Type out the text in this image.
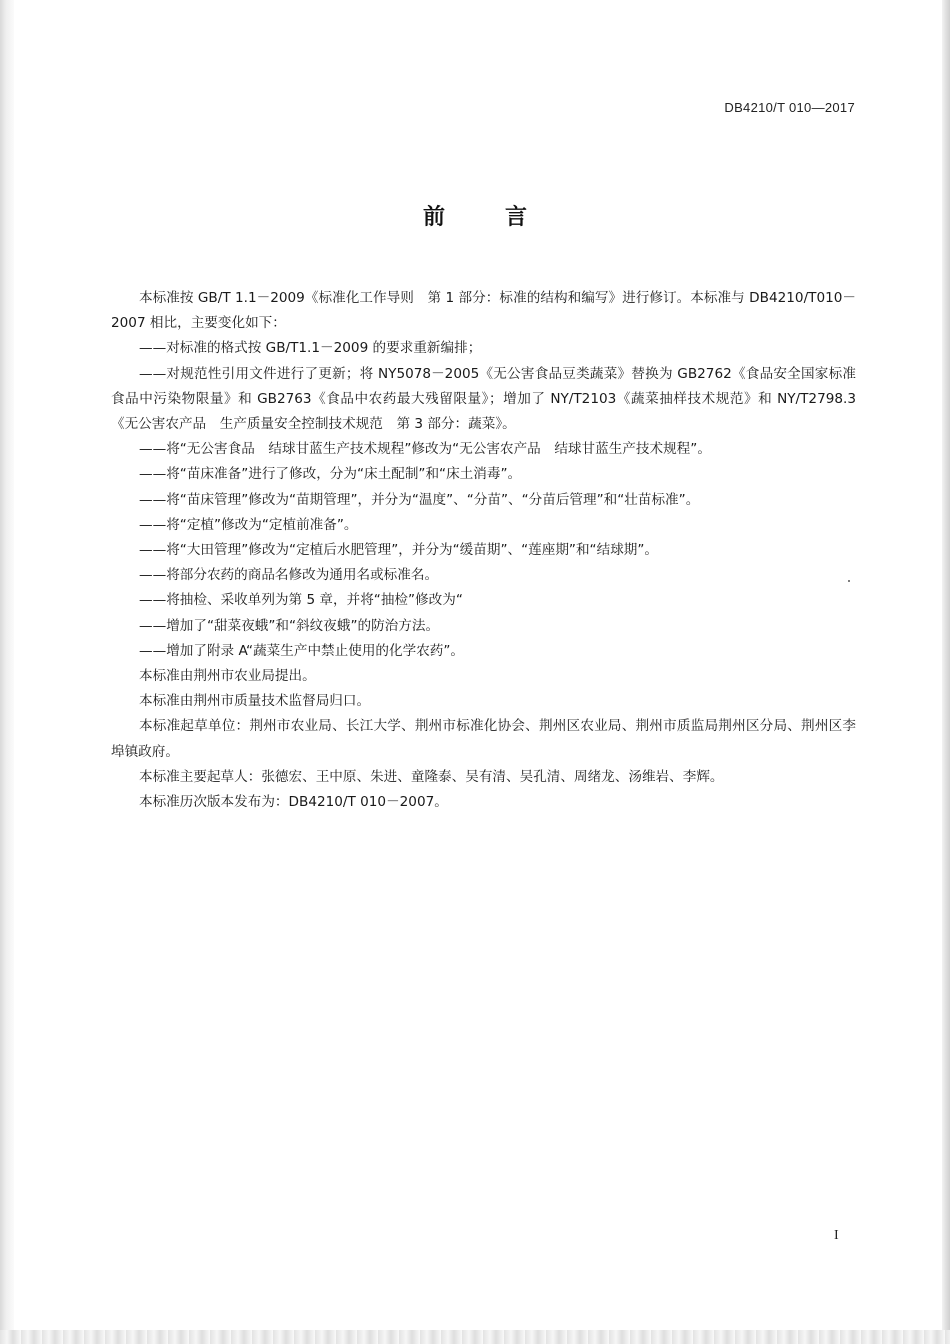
DB4210/T 010—2017
前言

本标准按 GB/T 1.1－2009《标准化工作导则　第 1 部分：标准的结构和编写》进行修订。本标准与 DB4210/T010－2007 相比，主要变化如下：

——对标准的格式按 GB/T1.1－2009 的要求重新编排；

——对规范性引用文件进行了更新；将 NY5078－2005《无公害食品豆类蔬菜》替换为 GB2762《食品安全国家标准　食品中污染物限量》和 GB2763《食品中农药最大残留限量》；增加了 NY/T2103《蔬菜抽样技术规范》和 NY/T2798.3《无公害农产品　生产质量安全控制技术规范　第 3 部分：蔬菜》。

——将“无公害食品　结球甘蓝生产技术规程”修改为“无公害农产品　结球甘蓝生产技术规程”。

——将“苗床准备”进行了修改，分为“床土配制”和“床土消毒”。

——将“苗床管理”修改为“苗期管理”，并分为“温度”、“分苗”、“分苗后管理”和“壮苗标准”。

——将“定植”修改为“定植前准备”。

——将“大田管理”修改为“定植后水肥管理”，并分为“缓苗期”、“莲座期”和“结球期”。

——将部分农药的商品名修改为通用名或标准名。

——将抽检、采收单列为第 5 章，并将“抽检”修改为“

——增加了“甜菜夜蛾”和“斜纹夜蛾”的防治方法。

——增加了附录 A“蔬菜生产中禁止使用的化学农药”。

本标准由荆州市农业局提出。

本标准由荆州市质量技术监督局归口。

本标准起草单位：荆州市农业局、长江大学、荆州市标准化协会、荆州区农业局、荆州市质监局荆州区分局、荆州区李埠镇政府。

本标准主要起草人：张德宏、王中原、朱进、童隆泰、吴有清、吴孔清、周绪龙、汤维岩、李辉。

本标准历次版本发布为：DB4210/T 010－2007。

I
